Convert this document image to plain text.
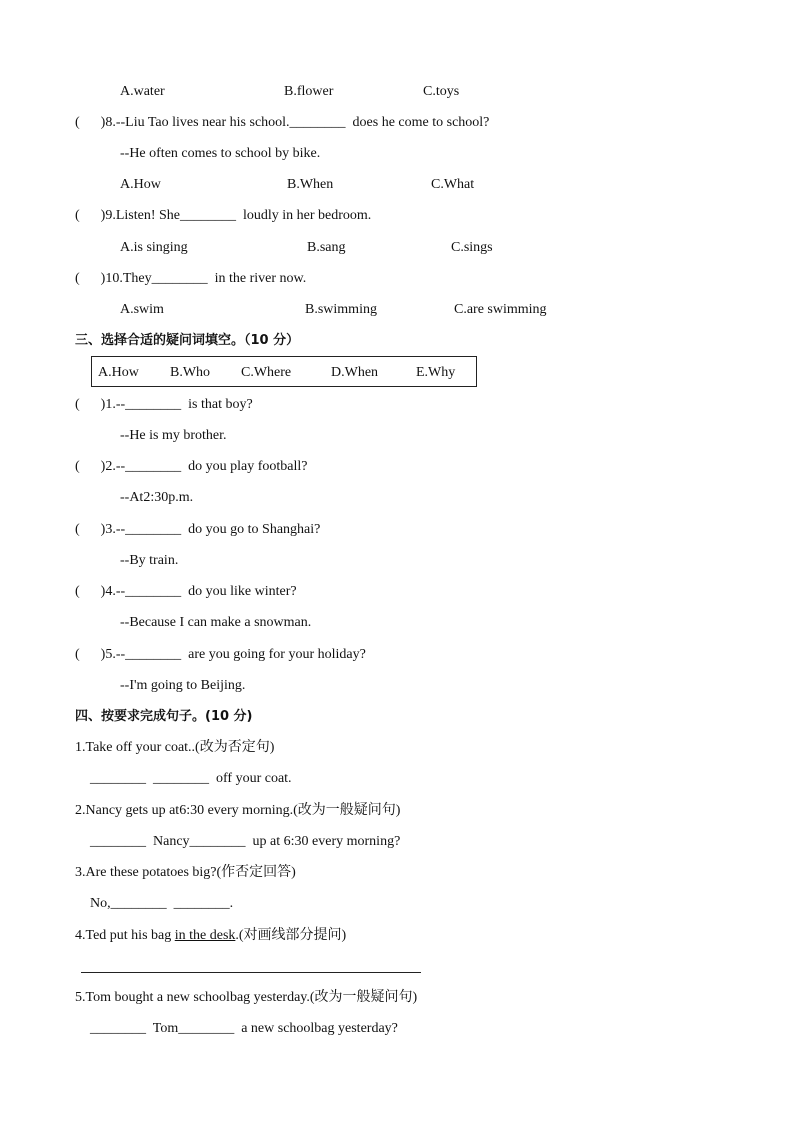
A.water	B.flower	C.toys
(      )8.--Liu Tao lives near his school.________  does he come to school?
--He often comes to school by bike.
A.How	B.When	C.What
(      )9.Listen! She________  loudly in her bedroom.
A.is singing	B.sang	C.sings
(      )10.They________  in the river now.
A.swim	B.swimming	C.are swimming
三、选择合适的疑问词填空。（10 分）
A.How B.Who C.Where	D.When	E.Why
(      )1.--________  is that boy?
--He is my brother.
(      )2.--________  do you play football?
--At2:30p.m.
(      )3.--________  do you go to Shanghai?
--By train.
(      )4.--________  do you like winter?
--Because I can make a snowman.
(      )5.--________  are you going for your holiday?
--I'm going to Beijing.
四、按要求完成句子。(10 分)
1.Take off your coat..(改为否定句)
________  ________  off your coat.
2.Nancy gets up at6:30 every morning.(改为一般疑问句)
________  Nancy________  up at 6:30 every morning?
3.Are these potatoes big?(作否定回答)
No,________  ________.
4.Ted put his bag in the desk.(对画线部分提问)
5.Tom bought a new schoolbag yesterday.(改为一般疑问句)
________  Tom________  a new schoolbag yesterday?
